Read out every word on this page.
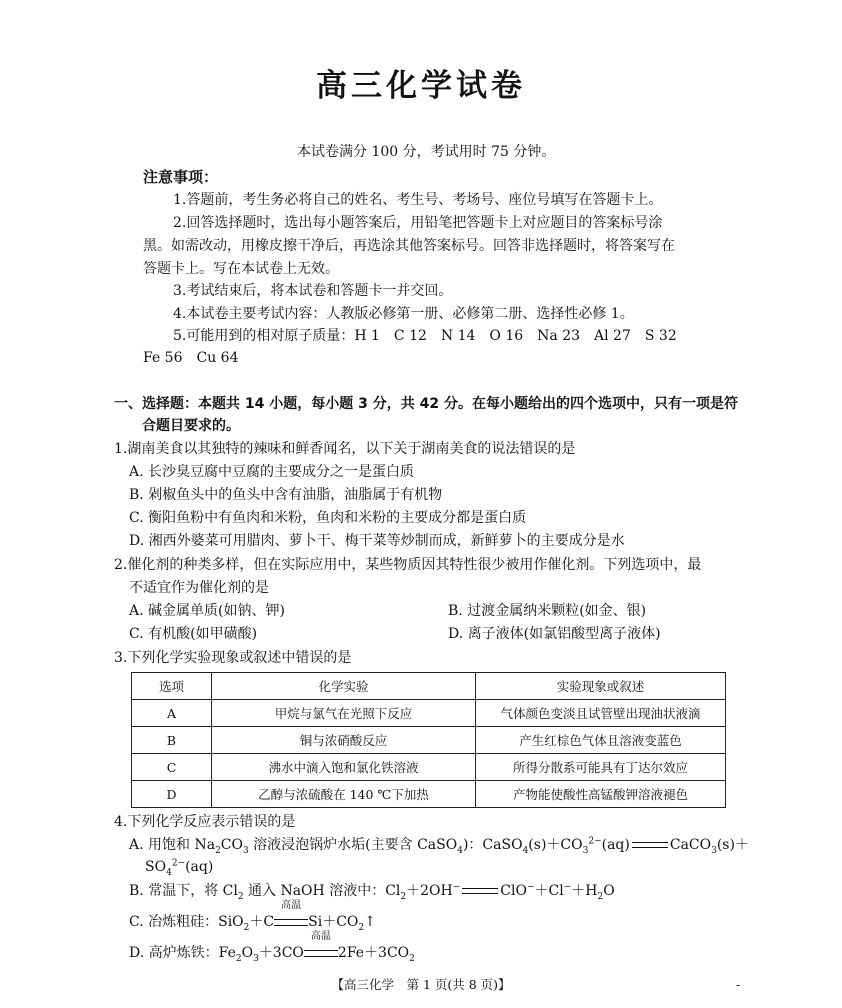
高三化学试卷
本试卷满分 100 分，考试用时 75 分钟。
注意事项：
1.答题前，考生务必将自己的姓名、考生号、考场号、座位号填写在答题卡上。
2.回答选择题时，选出每小题答案后，用铅笔把答题卡上对应题目的答案标号涂
黑。如需改动，用橡皮擦干净后，再选涂其他答案标号。回答非选择题时，将答案写在
答题卡上。写在本试卷上无效。
3.考试结束后，将本试卷和答题卡一并交回。
4.本试卷主要考试内容：人教版必修第一册、必修第二册、选择性必修 1。
5.可能用到的相对原子质量：H 1　C 12　N 14　O 16　Na 23　Al 27　S 32
Fe 56　Cu 64
一、选择题：本题共 14 小题，每小题 3 分，共 42 分。在每小题给出的四个选项中，只有一项是符
合题目要求的。
1.湖南美食以其独特的辣味和鲜香闻名，以下关于湖南美食的说法错误的是
A. 长沙臭豆腐中豆腐的主要成分之一是蛋白质
B. 剁椒鱼头中的鱼头中含有油脂，油脂属于有机物
C. 衡阳鱼粉中有鱼肉和米粉，鱼肉和米粉的主要成分都是蛋白质
D. 湘西外婆菜可用腊肉、萝卜干、梅干菜等炒制而成，新鲜萝卜的主要成分是水
2.催化剂的种类多样，但在实际应用中，某些物质因其特性很少被用作催化剂。下列选项中，最
不适宜作为催化剂的是
A. 碱金属单质(如钠、钾)	B. 过渡金属纳米颗粒(如金、银)
C. 有机酸(如甲磺酸)	D. 离子液体(如氯铝酸型离子液体)
3.下列化学实验现象或叙述中错误的是
选项	化学实验	实验现象或叙述
A	甲烷与氯气在光照下反应	气体颜色变淡且试管壁出现油状液滴
B	铜与浓硝酸反应	产生红棕色气体且溶液变蓝色
C	沸水中滴入饱和氯化铁溶液	所得分散系可能具有丁达尔效应
D	乙醇与浓硫酸在 140 ℃下加热	产物能使酸性高锰酸钾溶液褪色
4.下列化学反应表示错误的是
A. 用饱和 $Na_2CO_3$ 溶液浸泡锅炉水垢(主要含 CaSO$_4$)：$CaSO_4(s)+CO_3^{2-}(aq)$	CaCO$_3$(s)＋
$SO_4^{2-}(aq)$
B. 常温下，将 $Cl_2$ 通入 NaOH 溶液中：$Cl_2+2OH^-$	$ClO^-+Cl^-+H_2O$
C. 冶炼粗硅：SiO$_2$＋C
高温
$Si+CO_2↑$
D. 高炉炼铁：$Fe_2O_3+3CO$
高温
$2Fe+3CO_2$
【高三化学　第 1 页(共 8 页)】	-
